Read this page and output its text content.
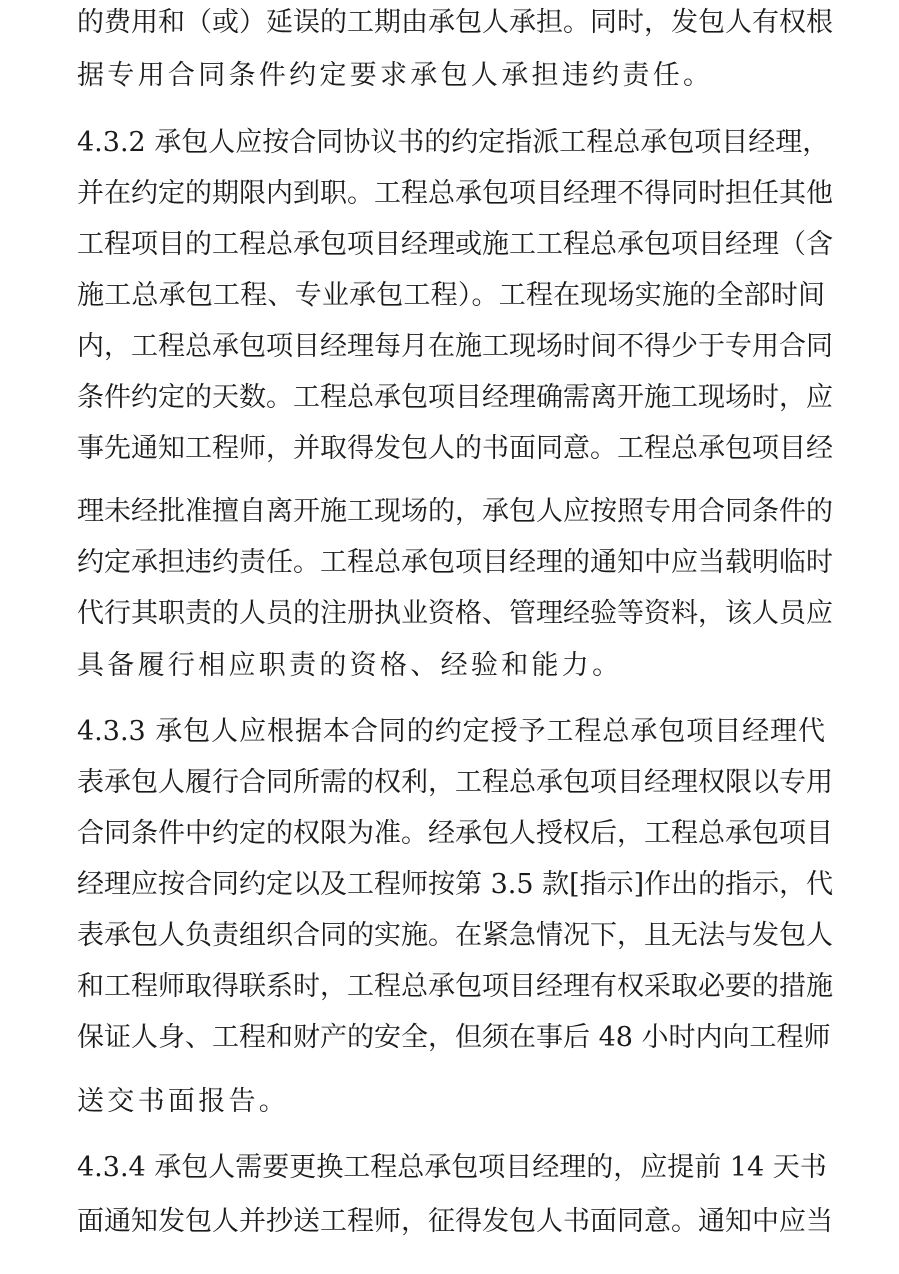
的费用和（或）延误的工期由承包人承担。同时，发包人有权根
据专用合同条件约定要求承包人承担违约责任。
4.3.2 承包人应按合同协议书的约定指派工程总承包项目经理，
并在约定的期限内到职。工程总承包项目经理不得同时担任其他
工程项目的工程总承包项目经理或施工工程总承包项目经理（含
施工总承包工程、专业承包工程）。工程在现场实施的全部时间
内，工程总承包项目经理每月在施工现场时间不得少于专用合同
条件约定的天数。工程总承包项目经理确需离开施工现场时，应
事先通知工程师，并取得发包人的书面同意。工程总承包项目经
理未经批准擅自离开施工现场的，承包人应按照专用合同条件的
约定承担违约责任。工程总承包项目经理的通知中应当载明临时
代行其职责的人员的注册执业资格、管理经验等资料，该人员应
具备履行相应职责的资格、经验和能力。
4.3.3 承包人应根据本合同的约定授予工程总承包项目经理代
表承包人履行合同所需的权利，工程总承包项目经理权限以专用
合同条件中约定的权限为准。经承包人授权后，工程总承包项目
经理应按合同约定以及工程师按第 3.5 款[指示]作出的指示，代
表承包人负责组织合同的实施。在紧急情况下，且无法与发包人
和工程师取得联系时，工程总承包项目经理有权采取必要的措施
保证人身、工程和财产的安全，但须在事后 48 小时内向工程师
送交书面报告。
4.3.4 承包人需要更换工程总承包项目经理的，应提前 14 天书
面通知发包人并抄送工程师，征得发包人书面同意。通知中应当
